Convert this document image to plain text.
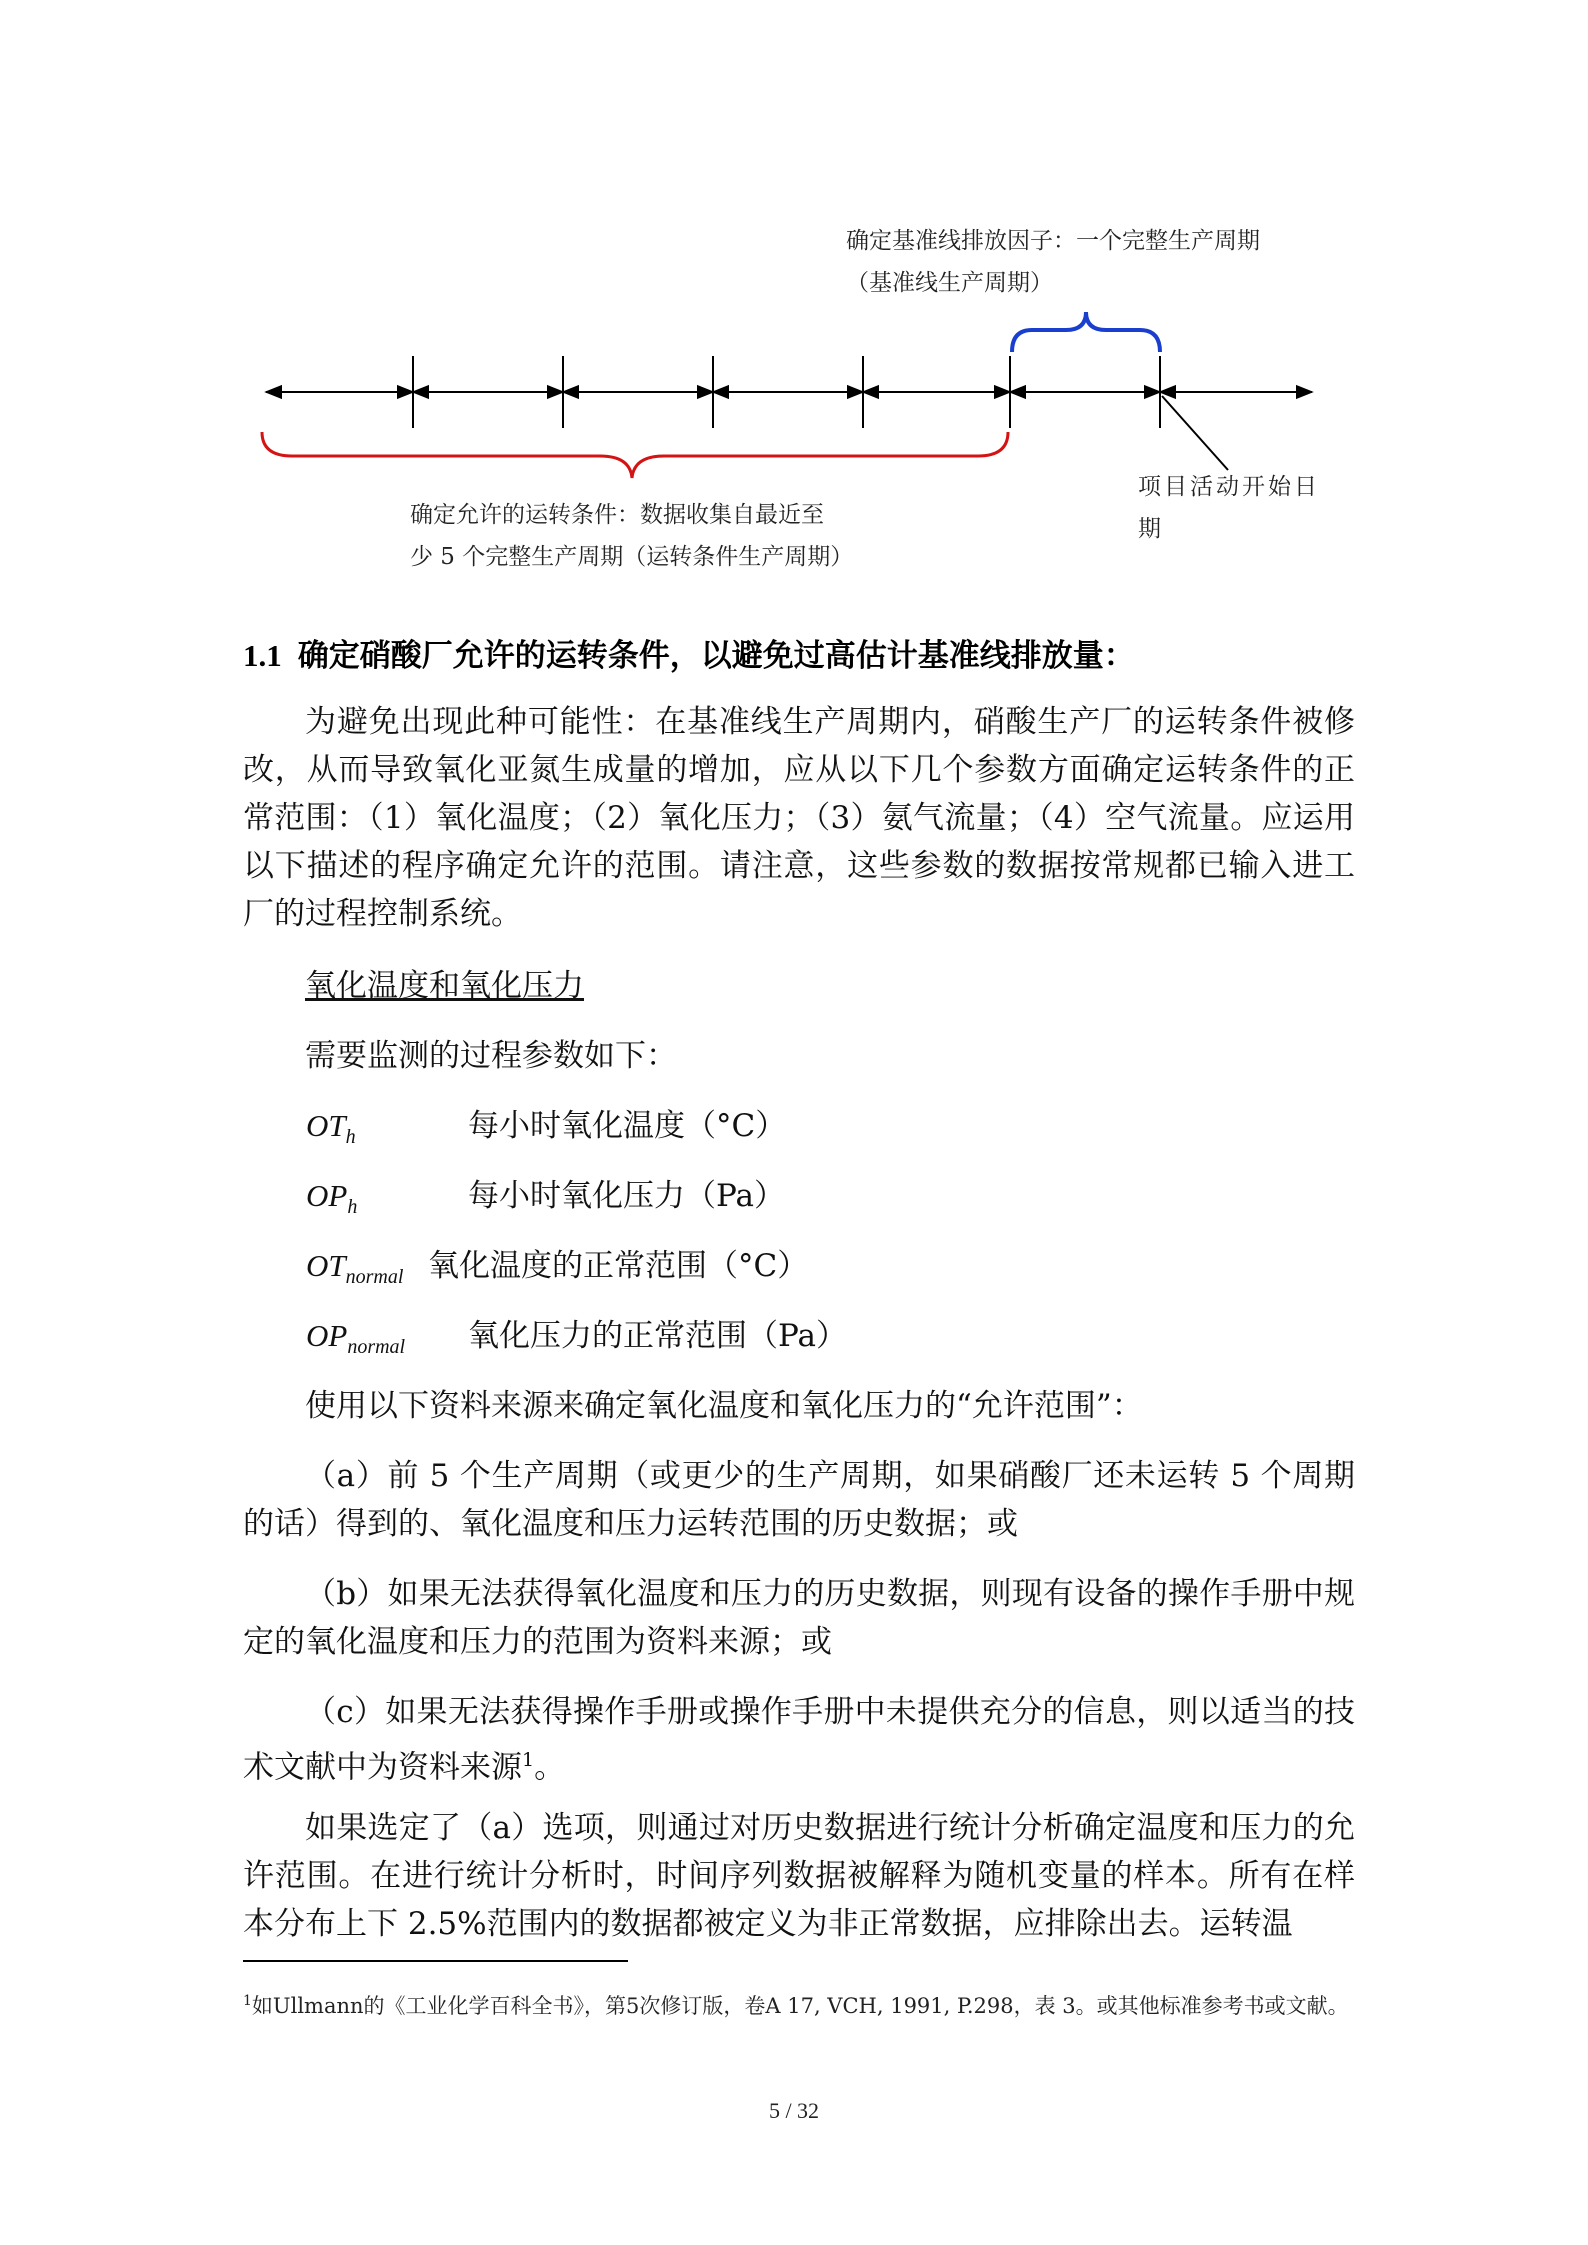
确定基准线排放因子：一个完整生产周期
（基准线生产周期）
确定允许的运转条件：数据收集自最近至
少 5 个完整生产周期（运转条件生产周期）
项目活动开始日
期
1.1 确定硝酸厂允许的运转条件，以避免过高估计基准线排放量：

为避免出现此种可能性：在基准线生产周期内，硝酸生产厂的运转条件被修改，从而导致氧化亚氮生成量的增加，应从以下几个参数方面确定运转条件的正常范围：（1）氧化温度；（2）氧化压力；（3）氨气流量；（4）空气流量。应运用以下描述的程序确定允许的范围。请注意，这些参数的数据按常规都已输入进工厂的过程控制系统。

氧化温度和氧化压力

需要监测的过程参数如下：

$OT_h$	每小时氧化温度（°C）
$OP_h$	每小时氧化压力（Pa）
$OT_{normal}$ 氧化温度的正常范围（°C）
$OP_{normal}$ 氧化压力的正常范围（Pa）

使用以下资料来源来确定氧化温度和氧化压力的“允许范围”：

（a）前 5 个生产周期（或更少的生产周期，如果硝酸厂还未运转 5 个周期的话）得到的、氧化温度和压力运转范围的历史数据；或

（b）如果无法获得氧化温度和压力的历史数据，则现有设备的操作手册中规定的氧化温度和压力的范围为资料来源；或

（c）如果无法获得操作手册或操作手册中未提供充分的信息，则以适当的技术文献中为资料来源$^1$。

如果选定了（a）选项，则通过对历史数据进行统计分析确定温度和压力的允许范围。在进行统计分析时，时间序列数据被解释为随机变量的样本。所有在样本分布上下 2.5%范围内的数据都被定义为非正常数据，应排除出去。运转温

$^1$如Ullmann的《工业化学百科全书》，第5次修订版，卷A 17, VCH, 1991, P.298，表 3。或其他标准参考书或文献。
5 / 32
